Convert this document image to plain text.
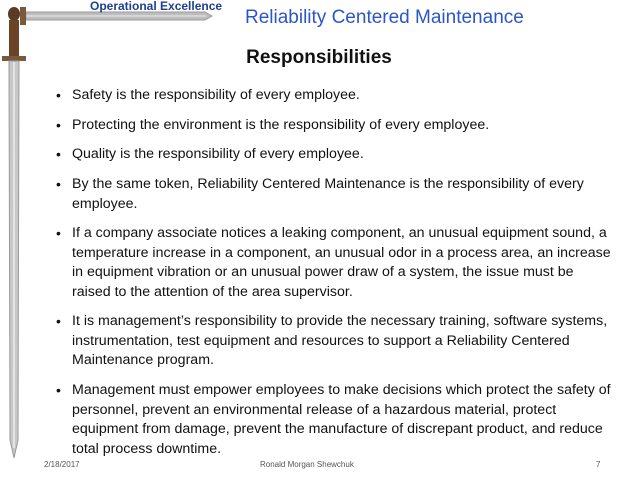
Operational Excellence
Reliability Centered Maintenance
Responsibilities
• Safety is the responsibility of every employee.
• Protecting the environment is the responsibility of every employee.
• Quality is the responsibility of every employee.
• By the same token, Reliability Centered Maintenance is the responsibility of every employee.
• If a company associate notices a leaking component, an unusual equipment sound, a temperature increase in a component, an unusual odor in a process area, an increase in equipment vibration or an unusual power draw of a system, the issue must be raised to the attention of the area supervisor.
• It is management’s responsibility to provide the necessary training, software systems, instrumentation, test equipment and resources to support a Reliability Centered Maintenance program.
• Management must empower employees to make decisions which protect the safety of personnel, prevent an environmental release of a hazardous material, protect equipment from damage, prevent the manufacture of discrepant product, and reduce total process downtime.
2/18/2017	Ronald Morgan Shewchuk	7
